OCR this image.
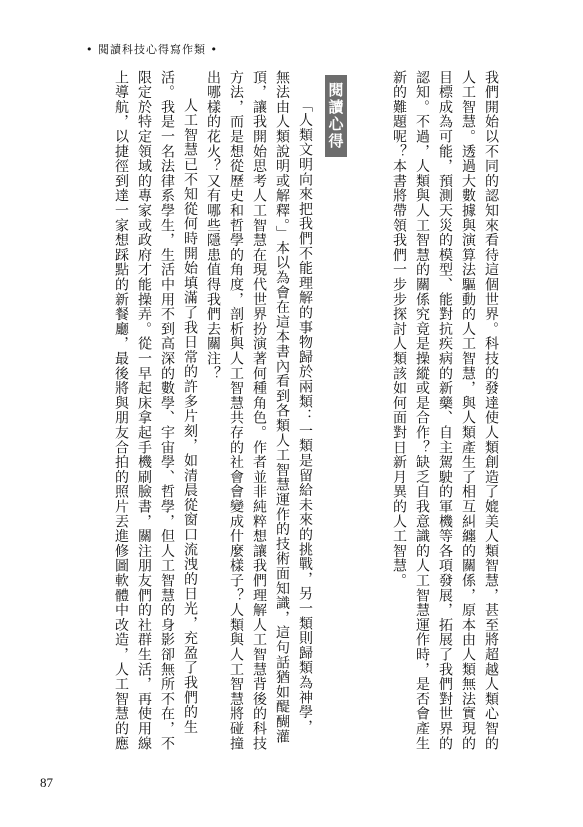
• 閱讀科技心得寫作類 •
我們開始以不同的認知來看待這個世界。科技的發達使人類創造了媲美人類智慧，甚至將超越人類心智的
人工智慧。透過大數據與演算法驅動的人工智慧，與人類產生了相互糾纏的關係，原本由人類無法實現的
目標成為可能，預測天災的模型、能對抗疾病的新藥、自主駕駛的軍機等各項發展，拓展了我們對世界的
認知。不過，人類與人工智慧的關係究竟是操縱或是合作？缺乏自我意識的人工智慧運作時，是否會產生
新的難題呢？本書將帶領我們一步步探討人類該如何面對日新月異的人工智慧。
閱讀心得
「人類文明向來把我們不能理解的事物歸於兩類：一類是留給未來的挑戰，另一類則歸類為神學，
無法由人類說明或解釋。」本以為會在這本書內看到各類人工智慧運作的技術面知識，這句話猶如醍醐灌
頂，讓我開始思考人工智慧在現代世界扮演著何種角色。作者並非純粹想讓我們理解人工智慧背後的科技
方法，而是想從歷史和哲學的角度，剖析與人工智慧共存的社會會變成什麼樣子？人類與人工智慧將碰撞
出哪樣的花火？又有哪些隱患值得我們去關注？
人工智慧已不知從何時開始填滿了我日常的許多片刻，如清晨從窗口流洩的日光，充盈了我們的生
活。我是一名法律系學生，生活中用不到高深的數學、宇宙學、哲學，但人工智慧的身影卻無所不在，不
限定於特定領域的專家或政府才能操弄。從一早起床拿起手機刷臉書，關注朋友們的社群生活，再使用線
上導航，以捷徑到達一家想踩點的新餐廳，最後將與朋友合拍的照片丟進修圖軟體中改造，人工智慧的應
87
